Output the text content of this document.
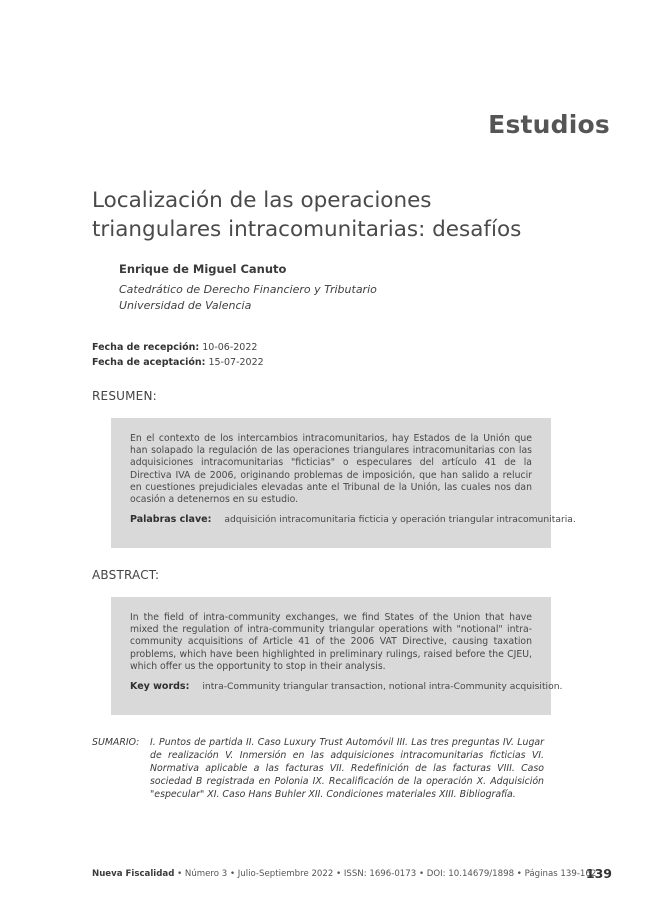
Estudios
Localización de las operaciones
triangulares intracomunitarias: desafíos
Enrique de Miguel Canuto
Catedrático de Derecho Financiero y Tributario
Universidad de Valencia
Fecha de recepción: 10-06-2022
Fecha de aceptación: 15-07-2022
RESUMEN:

En el contexto de los intercambios intracomunitarios, hay Estados de la Unión que han solapado la regulación de las operaciones triangulares intracomunitarias con las adquisiciones intracomunitarias "ficticias" o especulares del artículo 41 de la Directiva IVA de 2006, originando problemas de imposición, que han salido a relucir en cuestiones prejudiciales elevadas ante el Tribunal de la Unión, las cuales nos dan ocasión a detenernos en su estudio.

Palabras clave: adquisición intracomunitaria ficticia y operación triangular intracomunitaria.
ABSTRACT:

In the field of intra-community exchanges, we find States of the Union that have mixed the regulation of intra-community triangular operations with "notional" intra-community acquisitions of Article 41 of the 2006 VAT Directive, causing taxation problems, which have been highlighted in preliminary rulings, raised before the CJEU, which offer us the opportunity to stop in their analysis.

Key words: intra-Community triangular transaction, notional intra-Community acquisition.
SUMARIO:	I. Puntos de partida II. Caso Luxury Trust Automóvil III. Las tres preguntas IV. Lugar de realización V. Inmersión en las adquisiciones intracomunitarias ficticias VI. Normativa aplicable a las facturas VII. Redefinición de las facturas VIII. Caso sociedad B registrada en Polonia IX. Recalificación de la operación X. Adquisición "especular" XI. Caso Hans Buhler XII. Condiciones materiales XIII. Bibliografía.
Nueva Fiscalidad • Número 3 • Julio-Septiembre 2022 • ISSN: 1696-0173 • DOI: 10.14679/1898 • Páginas 139-162
139
